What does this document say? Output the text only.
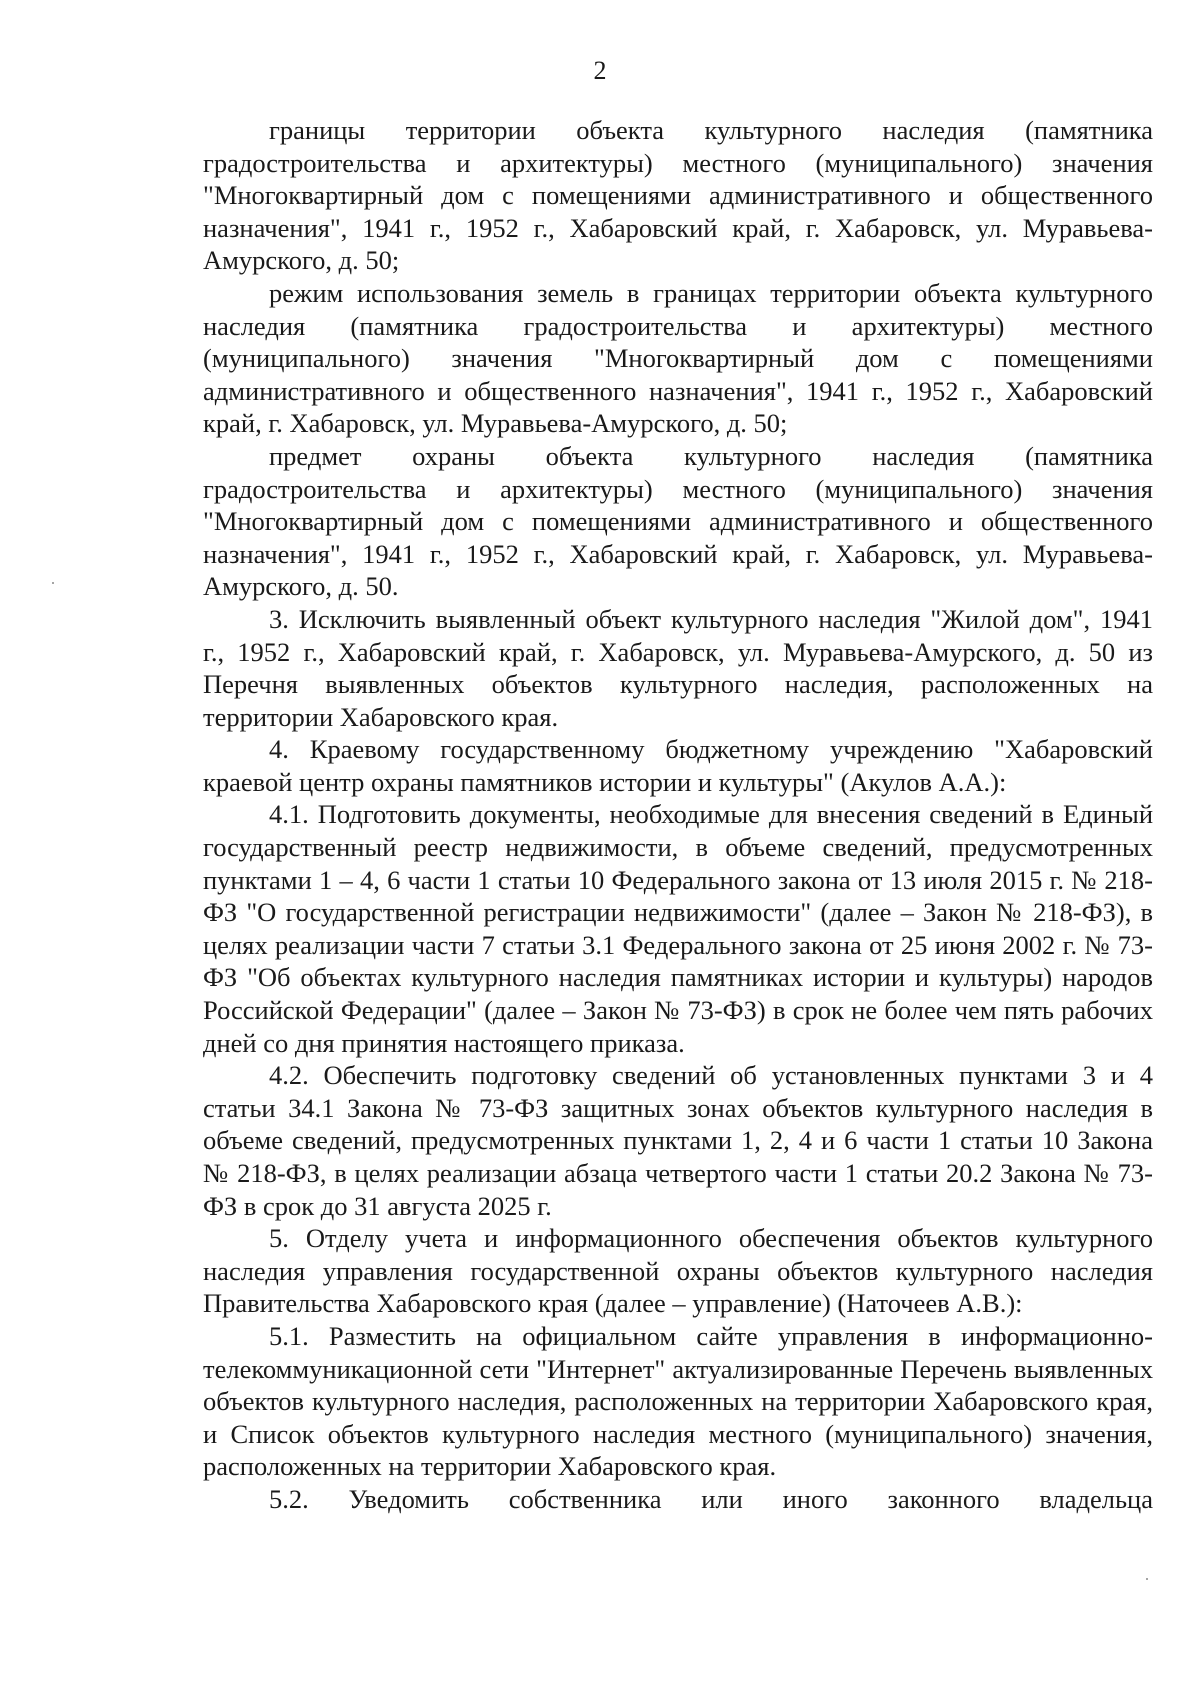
2

границы территории объекта культурного наследия (памятника градостроительства и архитектуры) местного (муниципального) значения "Многоквартирный дом с помещениями административного и общественного назначения", 1941 г., 1952 г., Хабаровский край, г. Хабаровск, ул. Муравьева-Амурского, д. 50;

режим использования земель в границах территории объекта культурного наследия (памятника градостроительства и архитектуры) местного (муниципального) значения "Многоквартирный дом с помещениями административного и общественного назначения", 1941 г., 1952 г., Хабаровский край, г. Хабаровск, ул. Муравьева-Амурского, д. 50;

предмет охраны объекта культурного наследия (памятника градостроительства и архитектуры) местного (муниципального) значения "Многоквартирный дом с помещениями административного и общественного назначения", 1941 г., 1952 г., Хабаровский край, г. Хабаровск, ул. Муравьева-Амурского, д. 50.

3. Исключить выявленный объект культурного наследия "Жилой дом", 1941 г., 1952 г., Хабаровский край, г. Хабаровск, ул. Муравьева-Амурского, д. 50 из Перечня выявленных объектов культурного наследия, расположенных на территории Хабаровского края.

4. Краевому государственному бюджетному учреждению "Хабаровский краевой центр охраны памятников истории и культуры" (Акулов А.А.):

4.1. Подготовить документы, необходимые для внесения сведений в Единый государственный реестр недвижимости, в объеме сведений, предусмотренных пунктами 1 – 4, 6 части 1 статьи 10 Федерального закона от 13 июля 2015 г. № 218-ФЗ "О государственной регистрации недвижимости" (далее – Закон № 218-ФЗ), в целях реализации части 7 статьи 3.1 Федерального закона от 25 июня 2002 г. № 73-ФЗ "Об объектах культурного наследия памятниках истории и культуры) народов Российской Федерации" (далее – Закон № 73-ФЗ) в срок не более чем пять рабочих дней со дня принятия настоящего приказа.

4.2. Обеспечить подготовку сведений об установленных пунктами 3 и 4 статьи 34.1 Закона № 73-ФЗ защитных зонах объектов культурного наследия в объеме сведений, предусмотренных пунктами 1, 2, 4 и 6 части 1 статьи 10 Закона № 218-ФЗ, в целях реализации абзаца четвертого части 1 статьи 20.2 Закона № 73-ФЗ в срок до 31 августа 2025 г.

5. Отделу учета и информационного обеспечения объектов культурного наследия управления государственной охраны объектов культурного наследия Правительства Хабаровского края (далее – управление) (Наточеев А.В.):

5.1. Разместить на официальном сайте управления в информационно-телекоммуникационной сети "Интернет" актуализированные Перечень выявленных объектов культурного наследия, расположенных на территории Хабаровского края, и Список объектов культурного наследия местного (муниципального) значения, расположенных на территории Хабаровского края.

5.2. Уведомить собственника или иного законного владельца
